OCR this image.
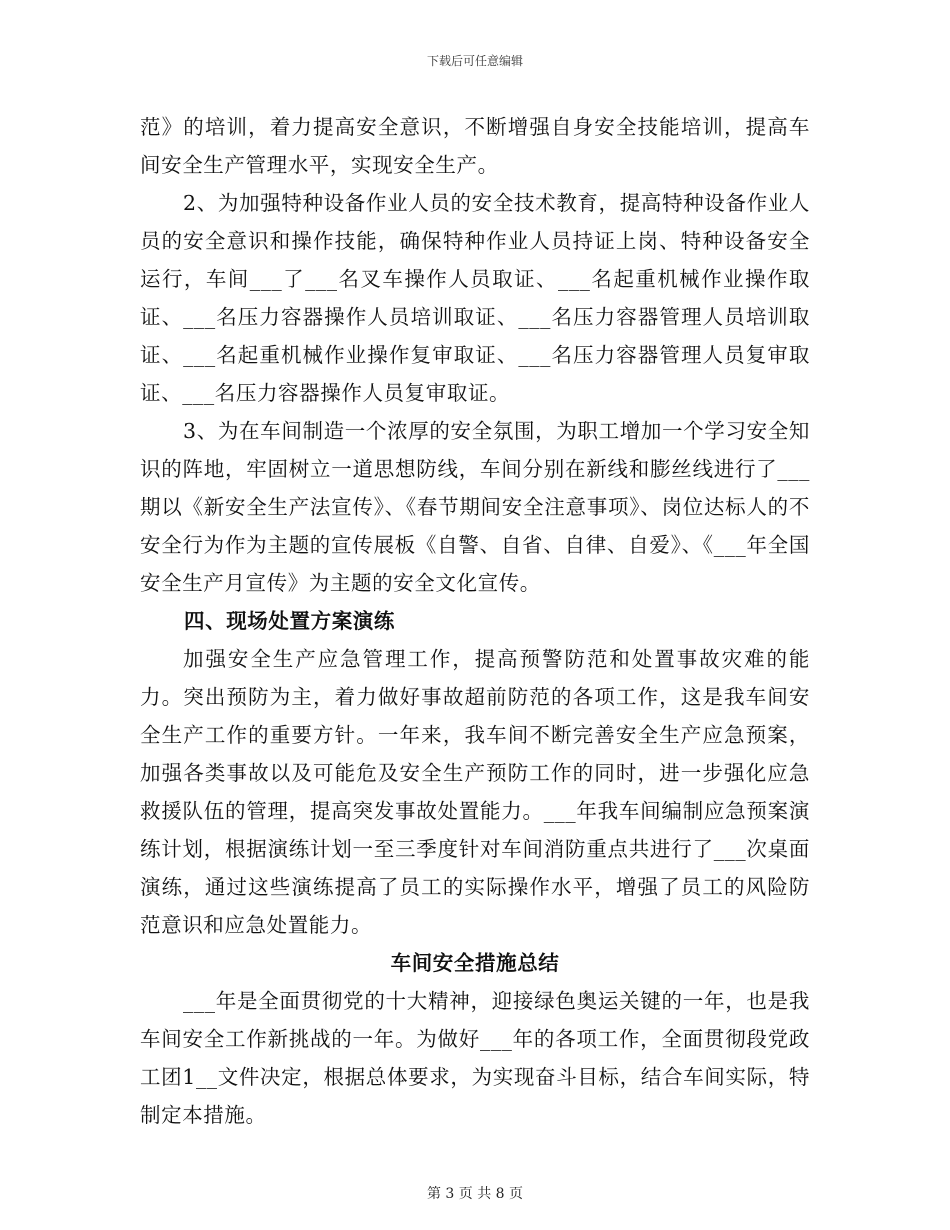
下载后可任意编辑

范》的培训，着力提高安全意识，不断增强自身安全技能培训，提高车间安全生产管理水平，实现安全生产。

2、为加强特种设备作业人员的安全技术教育，提高特种设备作业人员的安全意识和操作技能，确保特种作业人员持证上岗、特种设备安全运行，车间___了___名叉车操作人员取证、___名起重机械作业操作取证、___名压力容器操作人员培训取证、___名压力容器管理人员培训取证、___名起重机械作业操作复审取证、___名压力容器管理人员复审取证、___名压力容器操作人员复审取证。

3、为在车间制造一个浓厚的安全氛围，为职工增加一个学习安全知识的阵地，牢固树立一道思想防线，车间分别在新线和膨丝线进行了___期以《新安全生产法宣传》、《春节期间安全注意事项》、岗位达标人的不安全行为作为主题的宣传展板《自警、自省、自律、自爱》、《___年全国安全生产月宣传》为主题的安全文化宣传。

四、现场处置方案演练

加强安全生产应急管理工作，提高预警防范和处置事故灾难的能力。突出预防为主，着力做好事故超前防范的各项工作，这是我车间安全生产工作的重要方针。一年来，我车间不断完善安全生产应急预案，加强各类事故以及可能危及安全生产预防工作的同时，进一步强化应急救援队伍的管理，提高突发事故处置能力。___年我车间编制应急预案演练计划，根据演练计划一至三季度针对车间消防重点共进行了___次桌面演练，通过这些演练提高了员工的实际操作水平，增强了员工的风险防范意识和应急处置能力。

车间安全措施总结

___年是全面贯彻党的十大精神，迎接绿色奥运关键的一年，也是我车间安全工作新挑战的一年。为做好___年的各项工作，全面贯彻段党政工团1__文件决定，根据总体要求，为实现奋斗目标，结合车间实际，特制定本措施。

第 3 页 共 8 页
